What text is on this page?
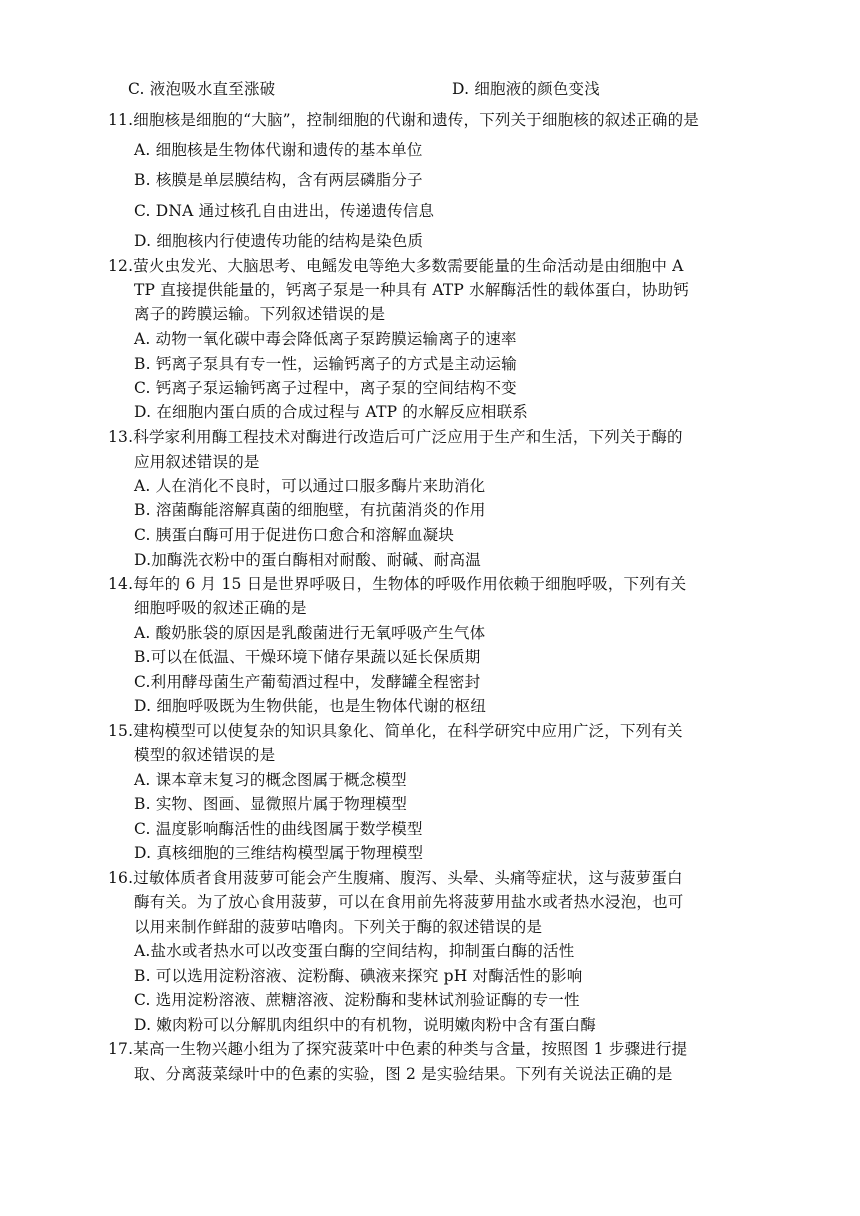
C. 液泡吸水直至涨破	D. 细胞液的颜色变浅
11.细胞核是细胞的“大脑”，控制细胞的代谢和遗传，下列关于细胞核的叙述正确的是
A. 细胞核是生物体代谢和遗传的基本单位
B. 核膜是单层膜结构，含有两层磷脂分子
C. DNA 通过核孔自由进出，传递遗传信息
D. 细胞核内行使遗传功能的结构是染色质
12.萤火虫发光、大脑思考、电鳐发电等绝大多数需要能量的生命活动是由细胞中 A
TP 直接提供能量的，钙离子泵是一种具有 ATP 水解酶活性的载体蛋白，协助钙
离子的跨膜运输。下列叙述错误的是
A. 动物一氧化碳中毒会降低离子泵跨膜运输离子的速率
B. 钙离子泵具有专一性，运输钙离子的方式是主动运输
C. 钙离子泵运输钙离子过程中，离子泵的空间结构不变
D. 在细胞内蛋白质的合成过程与 ATP 的水解反应相联系
13.科学家利用酶工程技术对酶进行改造后可广泛应用于生产和生活，下列关于酶的
应用叙述错误的是
A. 人在消化不良时，可以通过口服多酶片来助消化
B. 溶菌酶能溶解真菌的细胞壁，有抗菌消炎的作用
C. 胰蛋白酶可用于促进伤口愈合和溶解血凝块
D.加酶洗衣粉中的蛋白酶相对耐酸、耐碱、耐高温
14.每年的 6 月 15 日是世界呼吸日，生物体的呼吸作用依赖于细胞呼吸，下列有关
细胞呼吸的叙述正确的是
A. 酸奶胀袋的原因是乳酸菌进行无氧呼吸产生气体
B.可以在低温、干燥环境下储存果蔬以延长保质期
C.利用酵母菌生产葡萄酒过程中，发酵罐全程密封
D. 细胞呼吸既为生物供能，也是生物体代谢的枢纽
15.建构模型可以使复杂的知识具象化、简单化，在科学研究中应用广泛，下列有关
模型的叙述错误的是
A. 课本章末复习的概念图属于概念模型
B. 实物、图画、显微照片属于物理模型
C. 温度影响酶活性的曲线图属于数学模型
D. 真核细胞的三维结构模型属于物理模型
16.过敏体质者食用菠萝可能会产生腹痛、腹泻、头晕、头痛等症状，这与菠萝蛋白
酶有关。为了放心食用菠萝，可以在食用前先将菠萝用盐水或者热水浸泡，也可
以用来制作鲜甜的菠萝咕噜肉。下列关于酶的叙述错误的是
A.盐水或者热水可以改变蛋白酶的空间结构，抑制蛋白酶的活性
B. 可以选用淀粉溶液、淀粉酶、碘液来探究 pH 对酶活性的影响
C. 选用淀粉溶液、蔗糖溶液、淀粉酶和斐林试剂验证酶的专一性
D. 嫩肉粉可以分解肌肉组织中的有机物，说明嫩肉粉中含有蛋白酶
17.某高一生物兴趣小组为了探究菠菜叶中色素的种类与含量，按照图 1 步骤进行提
取、分离菠菜绿叶中的色素的实验，图 2 是实验结果。下列有关说法正确的是
